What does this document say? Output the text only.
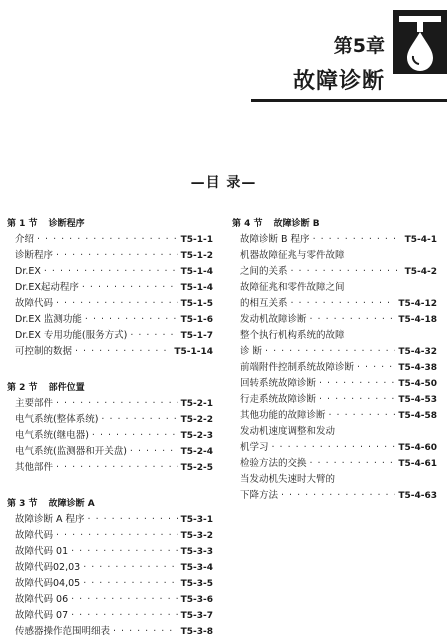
第5章
故障诊断
—目 录—
第 1 节 诊断程序
介绍 · · ·	T5-1-1
诊断程序 · · ·	T5-1-2
Dr.EX · · ·	T5-1-4
Dr.EX起动程序 · · ·	T5-1-4
故障代码 · · ·	T5-1-5
Dr.EX 监测功能 · · ·	T5-1-6
Dr.EX 专用功能(服务方式) · · ·	T5-1-7
可控制的数据 · · ·	T5-1-14
第 2 节 部件位置
主要部件 · · ·	T5-2-1
电气系统(整体系统) · · ·	T5-2-2
电气系统(继电器) · · ·	T5-2-3
电气系统(监测器和开关盘) · · ·	T5-2-4
其他部件 · · ·	T5-2-5
第 3 节 故障诊断 A
故障诊断 A 程序 · · ·	T5-3-1
故障代码 · · ·	T5-3-2
故障代码 01 · · ·	T5-3-3
故障代码02,03 · · ·	T5-3-4
故障代码04,05 · · ·	T5-3-5
故障代码 06 · · ·	T5-3-6
故障代码 07 · · ·	T5-3-7
传感器操作范围明细表 · · ·	T5-3-8
第 4 节 故障诊断 B
故障诊断 B 程序 · · ·	T5-4-1
机器故障征兆与零件故障
之间的关系 · · ·	T5-4-2
故障征兆和零件故障之间
的相互关系 · · ·	T5-4-12
发动机故障诊断 · · ·	T5-4-18
整个执行机构系统的故障
诊 断 · · ·	T5-4-32
前端附件控制系统故障诊断 · · ·	T5-4-38
回转系统故障诊断 · · ·	T5-4-50
行走系统故障诊断 · · ·	T5-4-53
其他功能的故障诊断 · · ·	T5-4-58
发动机速度调整和发动
机学习 · · ·	T5-4-60
检验方法的交换 · · ·	T5-4-61
当发动机失速时大臂的
下降方法 · · ·	T5-4-63
